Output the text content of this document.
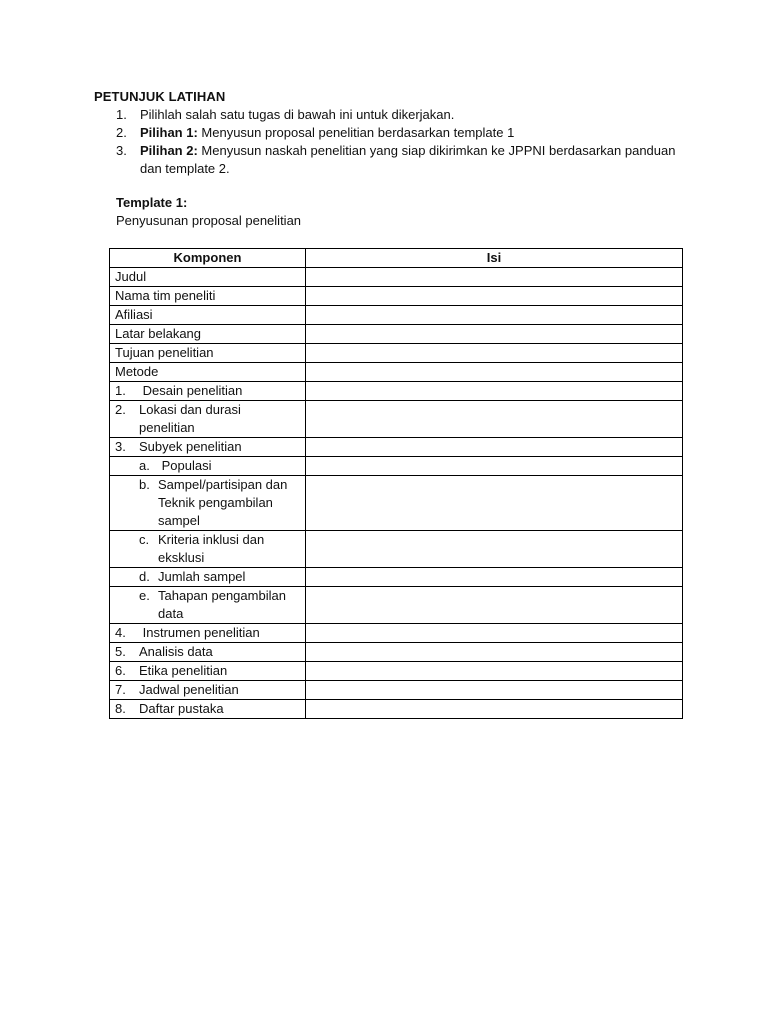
PETUNJUK LATIHAN
1.	Pilihlah salah satu tugas di bawah ini untuk dikerjakan.
2.	Pilihan 1: Menyusun proposal penelitian berdasarkan template 1
3.	Pilihan 2: Menyusun naskah penelitian yang siap dikirimkan ke JPPNI berdasarkan panduan dan template 2.
Template 1:
Penyusunan proposal penelitian
Komponen	Isi
Judul	
Nama tim peneliti	
Afiliasi	
Latar belakang	
Tujuan penelitian	
Metode	

1. Desain penelitian	

2. Lokasi dan durasi penelitian	

3. Subyek penelitian	

a. Populasi	

b. Sampel/partisipan dan Teknik pengambilan sampel	

c. Kriteria inklusi dan eksklusi	

d. Jumlah sampel	

e. Tahapan pengambilan data	

4. Instrumen penelitian	

5. Analisis data	

6. Etika penelitian	

7. Jadwal penelitian	

8. Daftar pustaka	
